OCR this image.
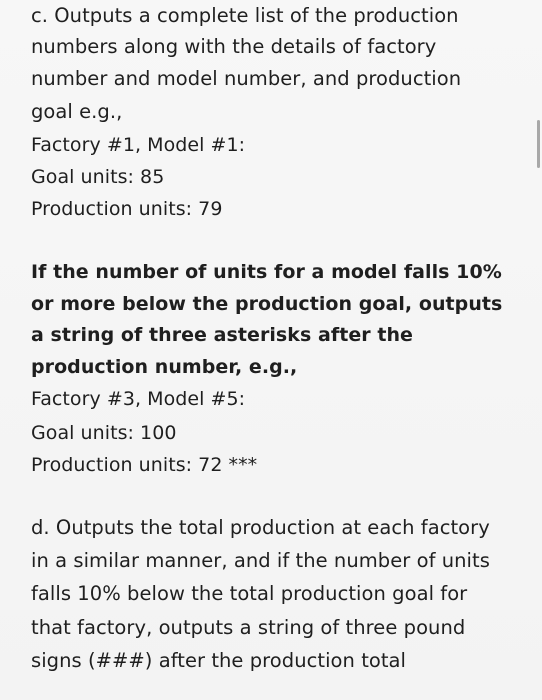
c. Outputs a complete list of the production

numbers along with the details of factory

number and model number, and production

goal e.g.,

Factory #1, Model #1:

Goal units: 85

Production units: 79

If the number of units for a model falls 10%

or more below the production goal, outputs

a string of three asterisks after the

production number, e.g.,

Factory #3, Model #5:

Goal units: 100

Production units: 72 ***

d. Outputs the total production at each factory

in a similar manner, and if the number of units

falls 10% below the total production goal for

that factory, outputs a string of three pound

signs (###) after the production total
